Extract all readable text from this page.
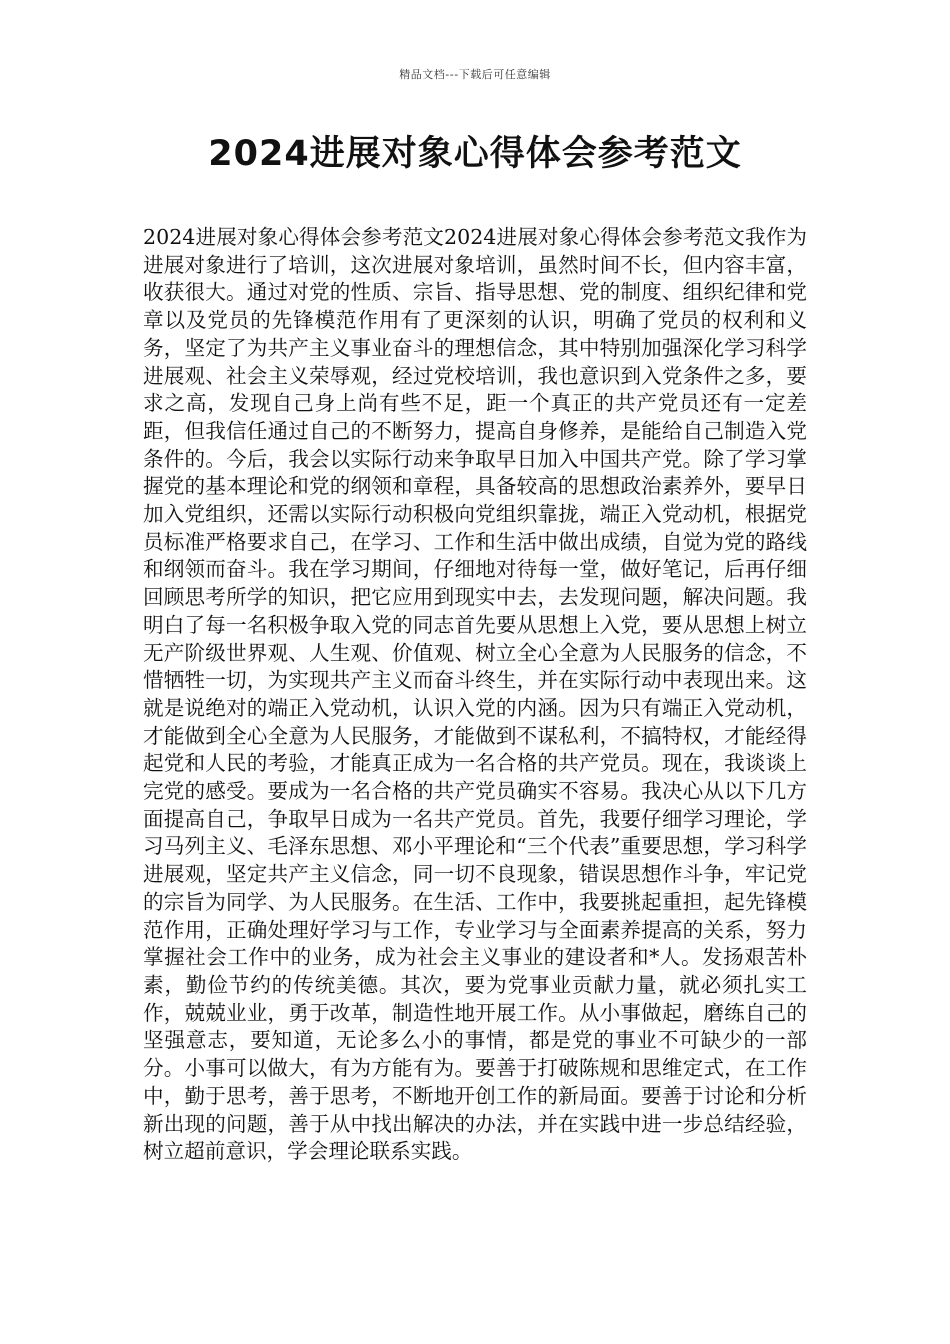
精品文档---下载后可任意编辑
2024进展对象心得体会参考范文

2024进展对象心得体会参考范文2024进展对象心得体会参考范文我作为进展对象进行了培训，这次进展对象培训，虽然时间不长，但内容丰富，收获很大。通过对党的性质、宗旨、指导思想、党的制度、组织纪律和党章以及党员的先锋模范作用有了更深刻的认识，明确了党员的权利和义务，坚定了为共产主义事业奋斗的理想信念，其中特别加强深化学习科学进展观、社会主义荣辱观，经过党校培训，我也意识到入党条件之多，要求之高，发现自己身上尚有些不足，距一个真正的共产党员还有一定差距，但我信任通过自己的不断努力，提高自身修养，是能给自己制造入党条件的。今后，我会以实际行动来争取早日加入中国共产党。除了学习掌握党的基本理论和党的纲领和章程，具备较高的思想政治素养外，要早日加入党组织，还需以实际行动积极向党组织靠拢，端正入党动机，根据党员标准严格要求自己，在学习、工作和生活中做出成绩，自觉为党的路线和纲领而奋斗。我在学习期间，仔细地对待每一堂，做好笔记，后再仔细回顾思考所学的知识，把它应用到现实中去，去发现问题，解决问题。我明白了每一名积极争取入党的同志首先要从思想上入党，要从思想上树立无产阶级世界观、人生观、价值观、树立全心全意为人民服务的信念，不惜牺牲一切，为实现共产主义而奋斗终生，并在实际行动中表现出来。这就是说绝对的端正入党动机，认识入党的内涵。因为只有端正入党动机，才能做到全心全意为人民服务，才能做到不谋私利，不搞特权，才能经得起党和人民的考验，才能真正成为一名合格的共产党员。现在，我谈谈上完党的感受。要成为一名合格的共产党员确实不容易。我决心从以下几方面提高自己，争取早日成为一名共产党员。首先，我要仔细学习理论，学习马列主义、毛泽东思想、邓小平理论和“三个代表”重要思想，学习科学进展观，坚定共产主义信念，同一切不良现象，错误思想作斗争，牢记党的宗旨为同学、为人民服务。在生活、工作中，我要挑起重担，起先锋模范作用，正确处理好学习与工作，专业学习与全面素养提高的关系，努力掌握社会工作中的业务，成为社会主义事业的建设者和*人。发扬艰苦朴素，勤俭节约的传统美德。其次，要为党事业贡献力量，就必须扎实工作，兢兢业业，勇于改革，制造性地开展工作。从小事做起，磨练自己的坚强意志，要知道，无论多么小的事情，都是党的事业不可缺少的一部分。小事可以做大，有为方能有为。要善于打破陈规和思维定式，在工作中，勤于思考，善于思考，不断地开创工作的新局面。要善于讨论和分析新出现的问题，善于从中找出解决的办法，并在实践中进一步总结经验，树立超前意识，学会理论联系实践。
